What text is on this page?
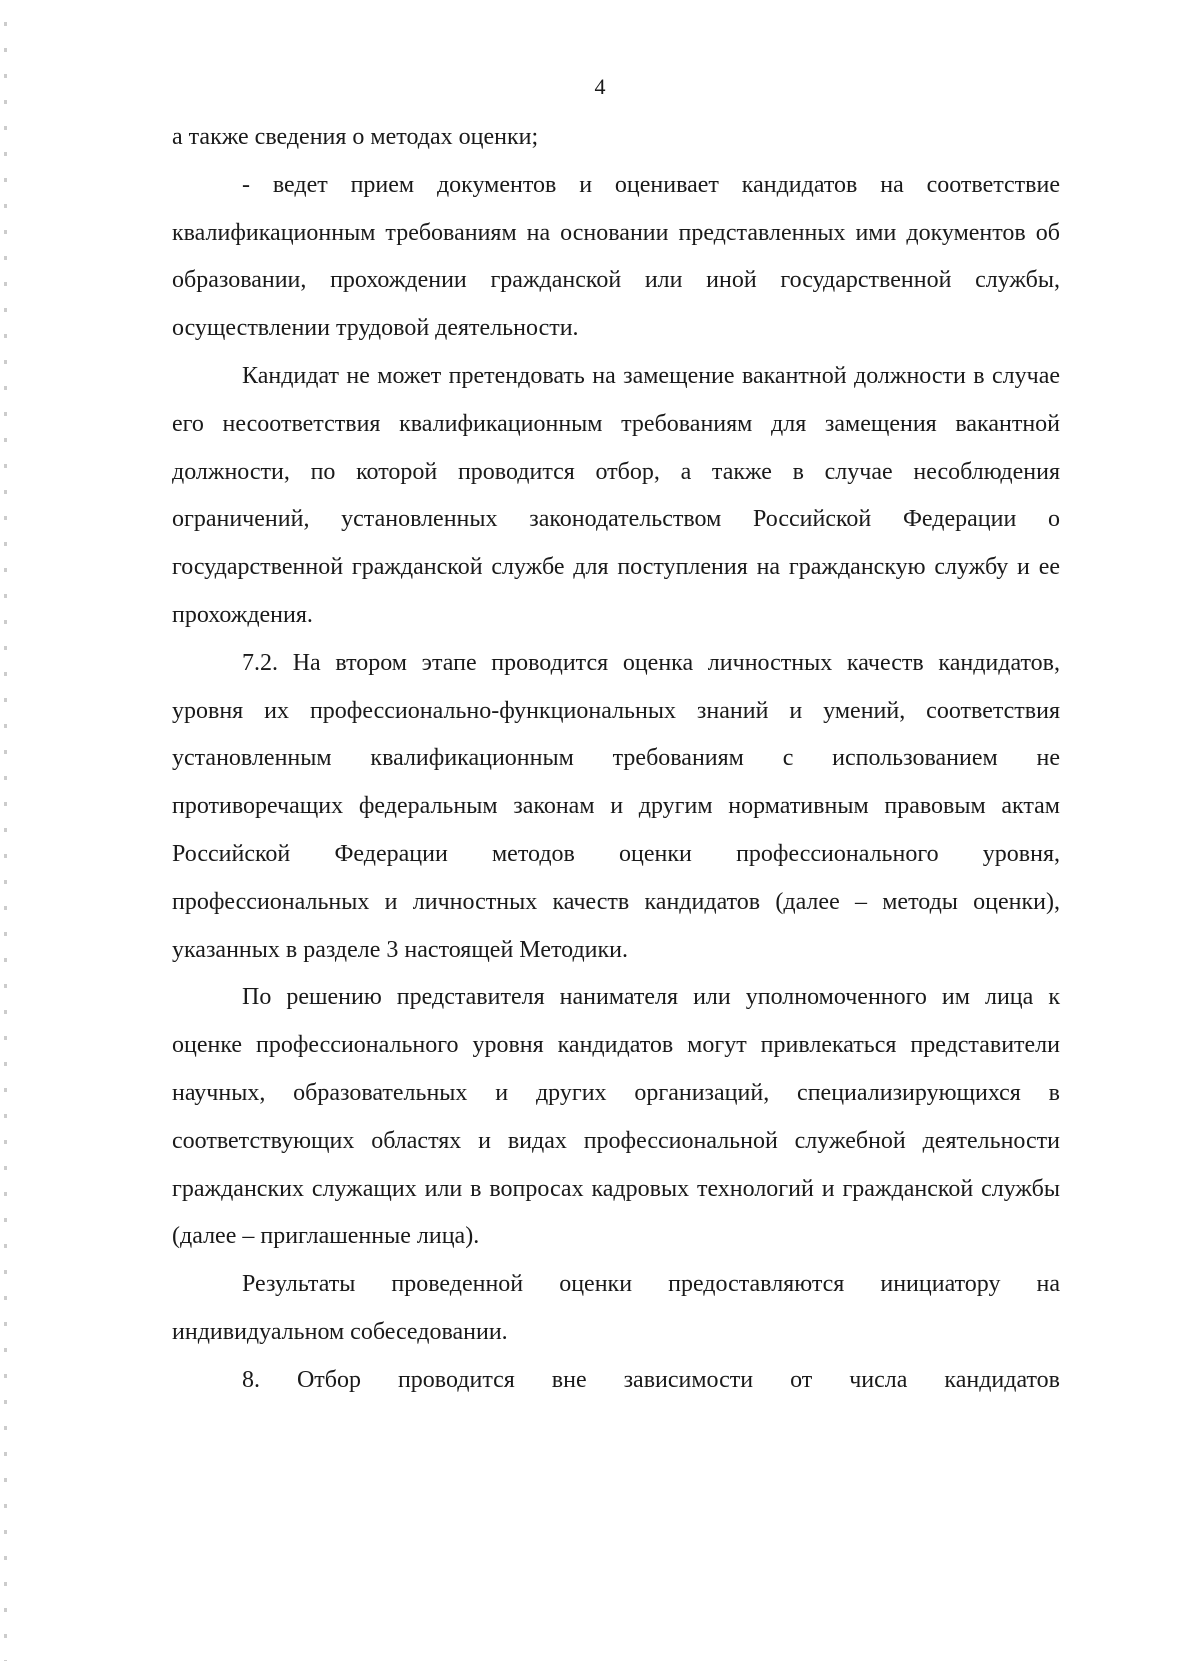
4

а также сведения о методах оценки;

- ведет прием документов и оценивает кандидатов на соответствие квалификационным требованиям на основании представленных ими документов об образовании, прохождении гражданской или иной государственной службы, осуществлении трудовой деятельности.

Кандидат не может претендовать на замещение вакантной должности в случае его несоответствия квалификационным требованиям для замещения вакантной должности, по которой проводится отбор, а также в случае несоблюдения ограничений, установленных законодательством Российской Федерации о государственной гражданской службе для поступления на гражданскую службу и ее прохождения.

7.2. На втором этапе проводится оценка личностных качеств кандидатов, уровня их профессионально-функциональных знаний и умений, соответствия установленным квалификационным требованиям с использованием не противоречащих федеральным законам и другим нормативным правовым актам Российской Федерации методов оценки профессионального уровня, профессиональных и личностных качеств кандидатов (далее – методы оценки), указанных в разделе 3 настоящей Методики.

По решению представителя нанимателя или уполномоченного им лица к оценке профессионального уровня кандидатов могут привлекаться представители научных, образовательных и других организаций, специализирующихся в соответствующих областях и видах профессиональной служебной деятельности гражданских служащих или в вопросах кадровых технологий и гражданской службы (далее – приглашенные лица).

Результаты проведенной оценки предоставляются инициатору на индивидуальном собеседовании.

8. Отбор проводится вне зависимости от числа кандидатов
